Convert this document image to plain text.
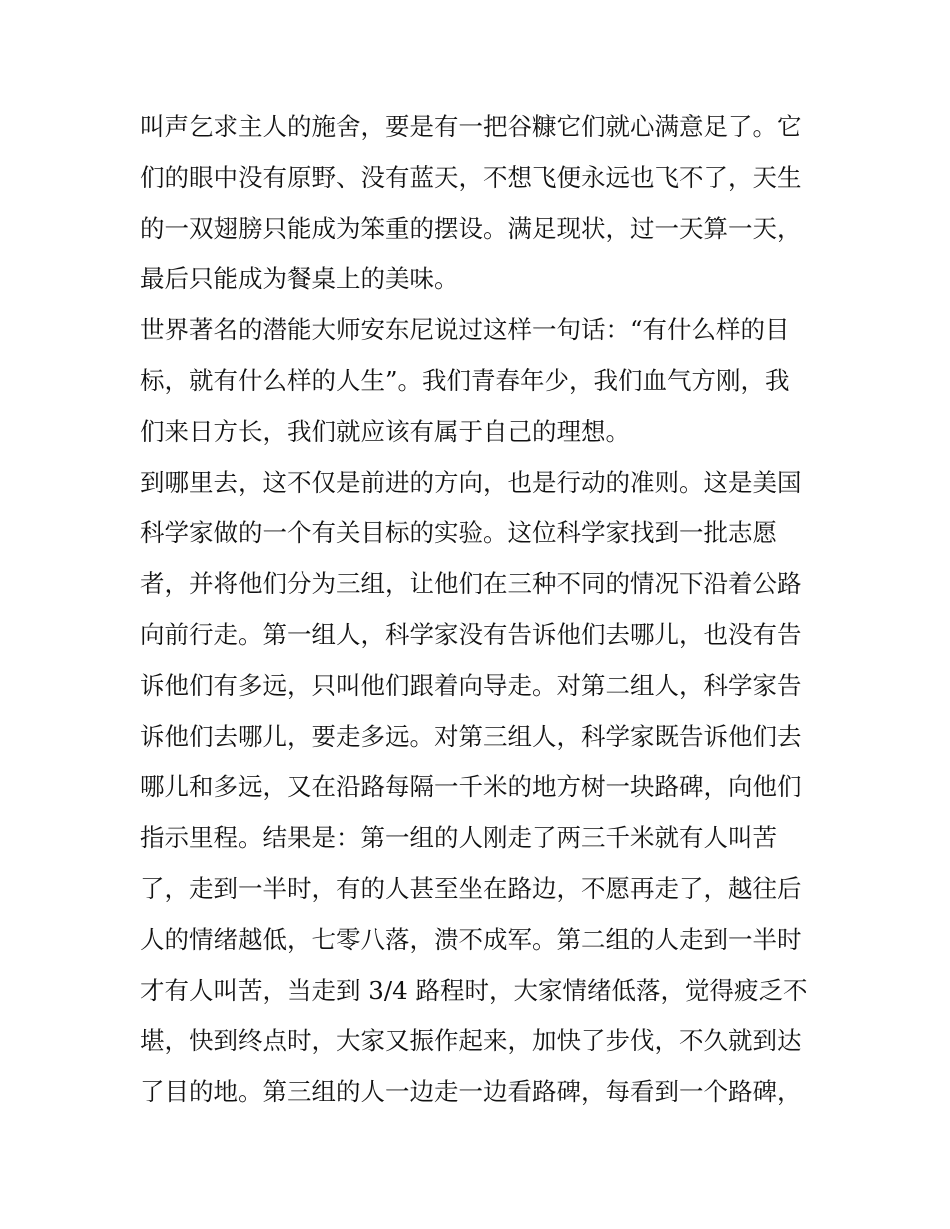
叫声乞求主人的施舍，要是有一把谷糠它们就心满意足了。它
们的眼中没有原野、没有蓝天，不想飞便永远也飞不了，天生
的一双翅膀只能成为笨重的摆设。满足现状，过一天算一天，
最后只能成为餐桌上的美味。
世界著名的潜能大师安东尼说过这样一句话：“有什么样的目
标，就有什么样的人生”。我们青春年少，我们血气方刚，我
们来日方长，我们就应该有属于自己的理想。
到哪里去，这不仅是前进的方向，也是行动的准则。这是美国
科学家做的一个有关目标的实验。这位科学家找到一批志愿
者，并将他们分为三组，让他们在三种不同的情况下沿着公路
向前行走。第一组人，科学家没有告诉他们去哪儿，也没有告
诉他们有多远，只叫他们跟着向导走。对第二组人，科学家告
诉他们去哪儿，要走多远。对第三组人，科学家既告诉他们去
哪儿和多远，又在沿路每隔一千米的地方树一块路碑，向他们
指示里程。结果是：第一组的人刚走了两三千米就有人叫苦
了，走到一半时，有的人甚至坐在路边，不愿再走了，越往后
人的情绪越低，七零八落，溃不成军。第二组的人走到一半时
才有人叫苦，当走到 3/4 路程时，大家情绪低落，觉得疲乏不
堪，快到终点时，大家又振作起来，加快了步伐，不久就到达
了目的地。第三组的人一边走一边看路碑，每看到一个路碑，
